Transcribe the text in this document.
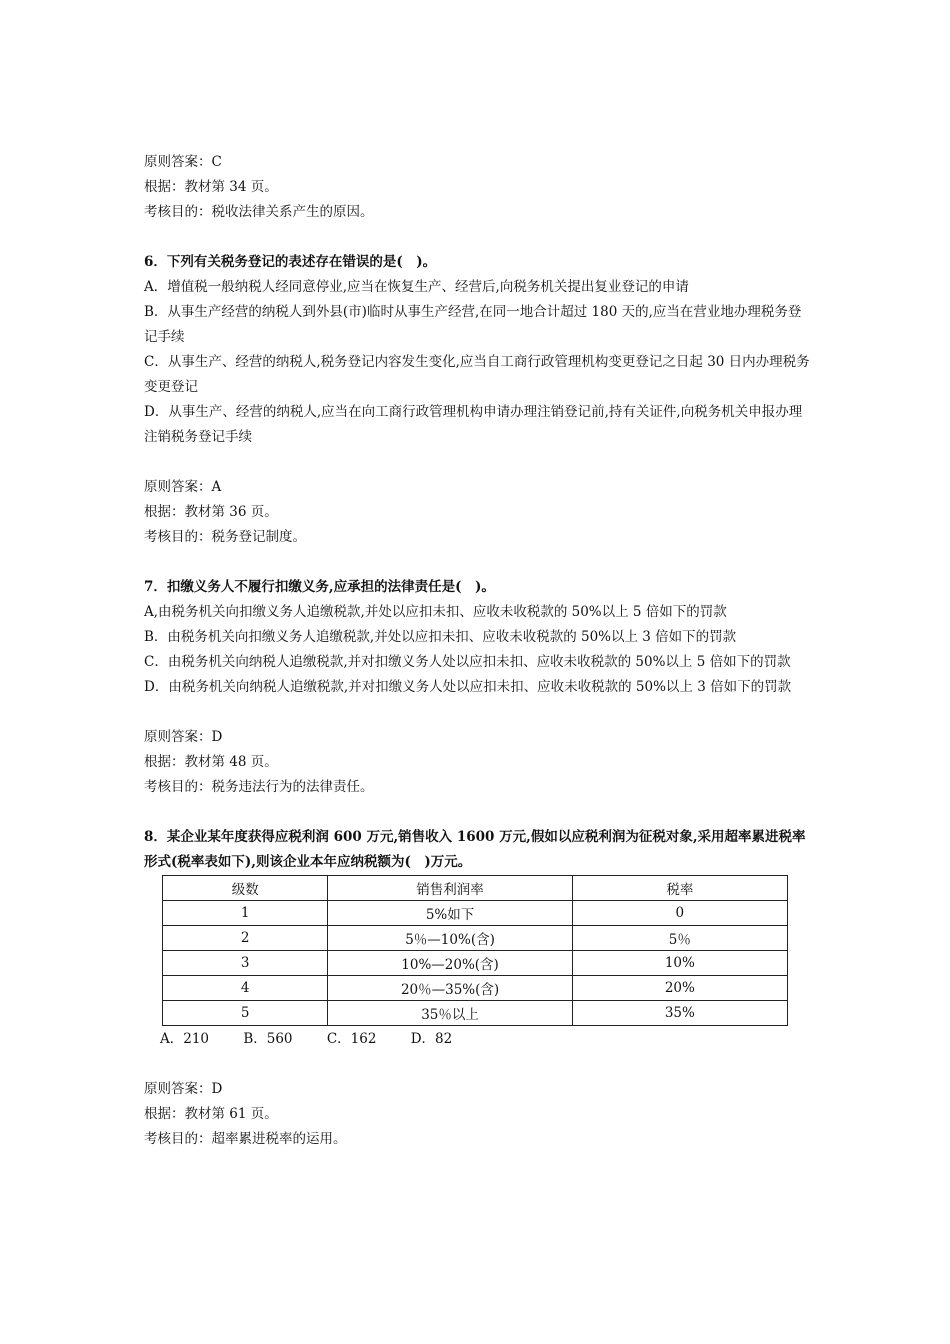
原则答案：C
根据：教材第 34 页。
考核目的：税收法律关系产生的原因。
6．下列有关税务登记的表述存在错误的是(　)。
A．增值税一般纳税人经同意停业,应当在恢复生产、经营后,向税务机关提出复业登记的申请
B．从事生产经营的纳税人到外县(市)临时从事生产经营,在同一地合计超过 180 天的,应当在营业地办理税务登记手续
C．从事生产、经营的纳税人,税务登记内容发生变化,应当自工商行政管理机构变更登记之日起 30 日内办理税务变更登记
D．从事生产、经营的纳税人,应当在向工商行政管理机构申请办理注销登记前,持有关证件,向税务机关申报办理注销税务登记手续
原则答案：A
根据：教材第 36 页。
考核目的：税务登记制度。
7．扣缴义务人不履行扣缴义务,应承担的法律责任是(　)。
A,由税务机关向扣缴义务人追缴税款,并处以应扣未扣、应收未收税款的 50%以上 5 倍如下的罚款
B．由税务机关向扣缴义务人追缴税款,并处以应扣未扣、应收未收税款的 50%以上 3 倍如下的罚款
C．由税务机关向纳税人追缴税款,并对扣缴义务人处以应扣未扣、应收未收税款的 50%以上 5 倍如下的罚款
D．由税务机关向纳税人追缴税款,并对扣缴义务人处以应扣未扣、应收未收税款的 50%以上 3 倍如下的罚款
原则答案：D
根据：教材第 48 页。
考核目的：税务违法行为的法律责任。
8．某企业某年度获得应税利润 600 万元,销售收入 1600 万元,假如以应税利润为征税对象,采用超率累进税率形式(税率表如下),则该企业本年应纳税额为(　)万元。
级数	销售利润率	税率
1	5%如下	0
2	5％—10%(含)	5％
3	10%—20%(含)	10%
4	20％—35%(含)	20%
5	35％以上	35%
A．210	B．560	C．162	D．82
原则答案：D
根据：教材第 61 页。
考核目的：超率累进税率的运用。
